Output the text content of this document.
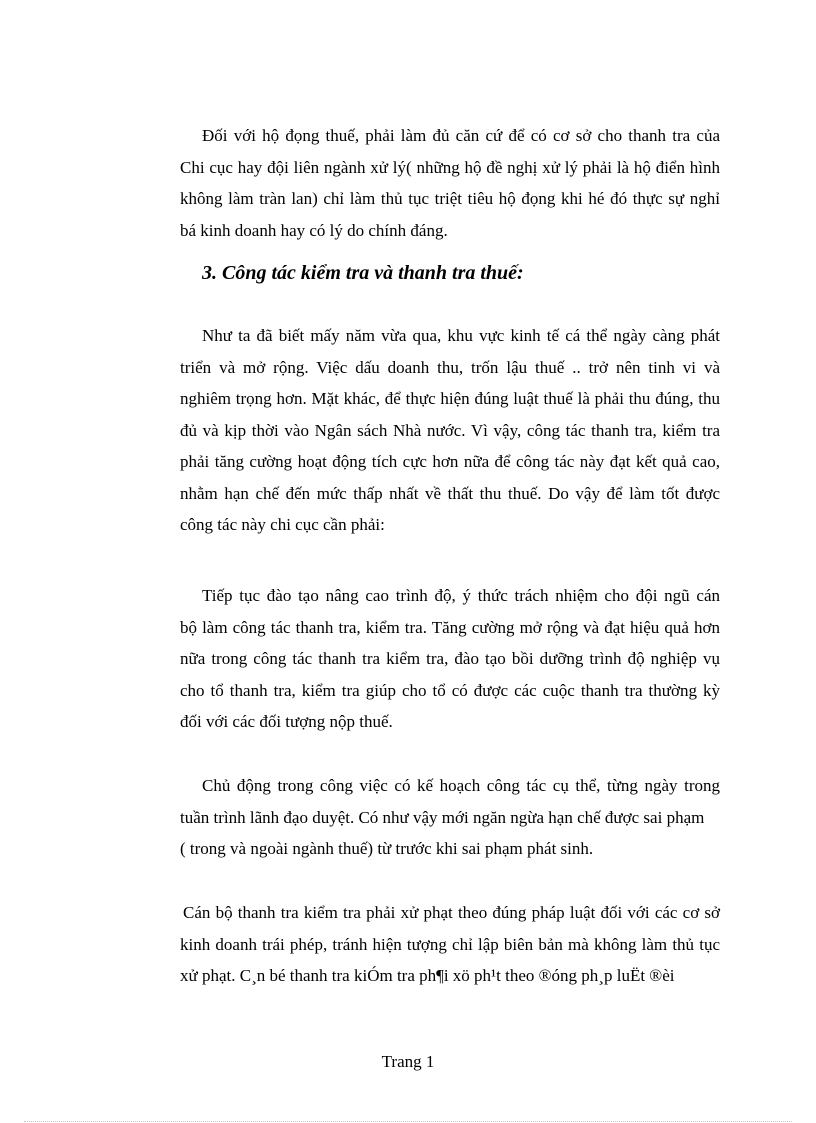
Đối với hộ đọng thuế, phải làm đủ căn cứ để có cơ sở cho thanh tra của
Chi cục hay đội liên ngành xử lý( những hộ đề nghị xử lý phải là hộ điển hình
không làm tràn lan) chỉ làm thủ tục triệt tiêu hộ đọng khi hé đó thực sự nghỉ
bá kinh doanh hay có lý do chính đáng.
3. Công tác kiểm tra và thanh tra thuế:
Như ta đã biết mấy năm vừa qua, khu vực kinh tế cá thể ngày càng phát
triển và mở rộng. Việc dấu doanh thu, trốn lậu thuế .. trở nên tinh vi và
nghiêm trọng hơn. Mặt khác, để thực hiện đúng luật thuế là phải thu đúng, thu
đủ và kịp thời vào Ngân sách Nhà nước. Vì vậy, công tác thanh tra, kiểm tra
phải tăng cường hoạt động tích cực hơn nữa để công tác này đạt kết quả cao,
nhằm hạn chế đến mức thấp nhất về thất thu thuế. Do vậy để làm tốt được
công tác này chi cục cần phải:
Tiếp tục đào tạo nâng cao trình độ, ý thức trách nhiệm cho đội ngũ cán
bộ làm công tác thanh tra, kiểm tra. Tăng cường mở rộng và đạt hiệu quả hơn
nữa trong công tác thanh tra kiểm tra, đào tạo bồi dưỡng trình độ nghiệp vụ
cho tổ thanh tra, kiểm tra giúp cho tổ có được các cuộc thanh tra thường kỳ
đối với các đối tượng nộp thuế.
Chủ động trong công việc có kế hoạch công tác cụ thể, từng ngày trong
tuần trình lãnh đạo duyệt. Có như vậy mới ngăn ngừa hạn chế được sai phạm
( trong và ngoài ngành thuế) từ trước khi sai phạm phát sinh.
Cán bộ thanh tra kiểm tra phải xử phạt theo đúng pháp luật đối với các cơ sở
kinh doanh trái phép, tránh hiện tượng chỉ lập biên bản mà không làm thủ tục
xử phạt. C¸n bé thanh tra kiÓm tra ph¶i xö ph¹t theo ®óng ph¸p luËt ®èi
Trang 1
